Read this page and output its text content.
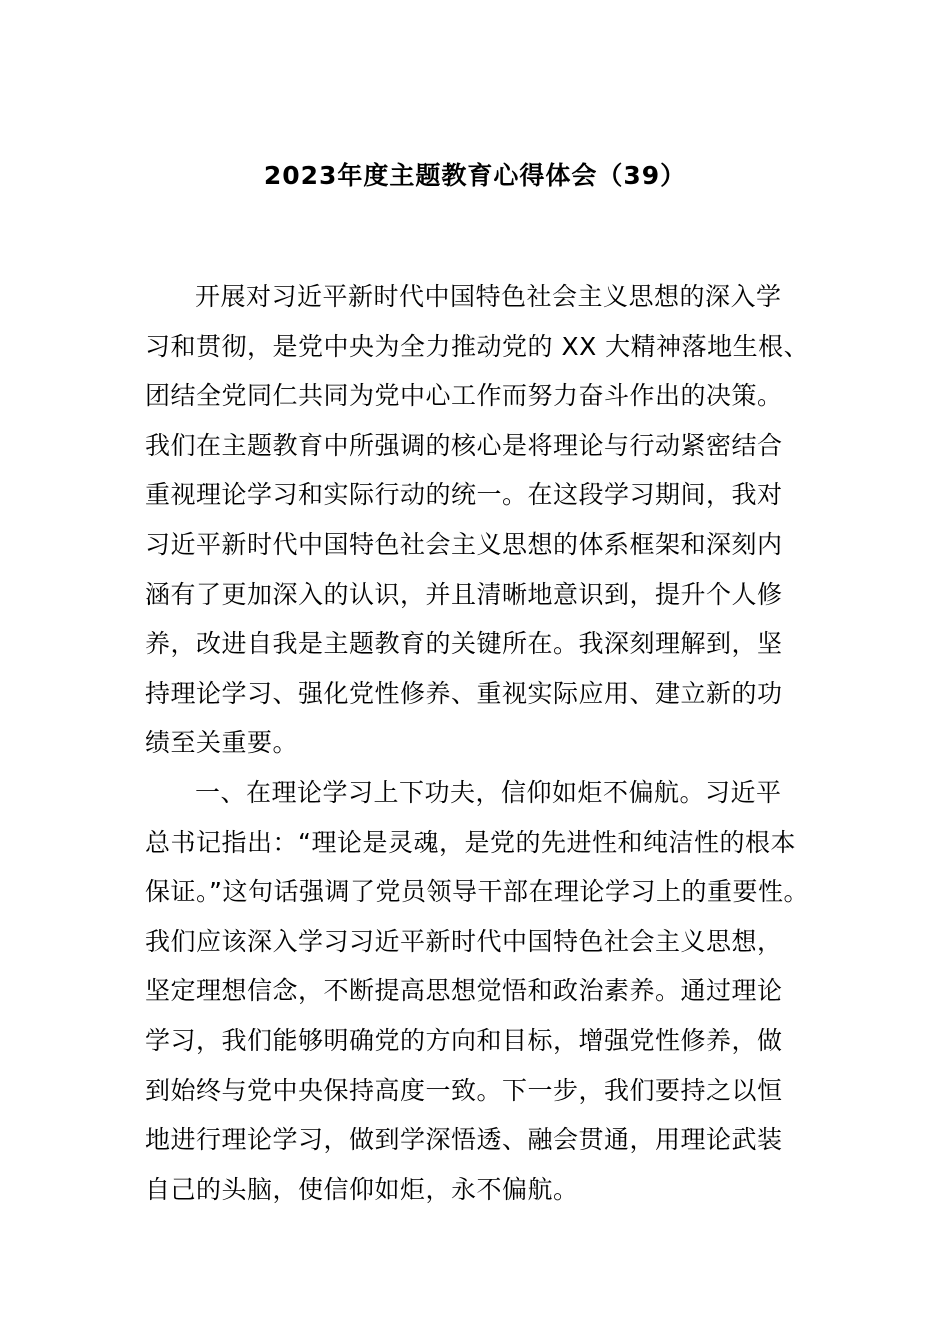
2023年度主题教育心得体会（39）
开展对习近平新时代中国特色社会主义思想的深入学
习和贯彻，是党中央为全力推动党的 XX 大精神落地生根、
团结全党同仁共同为党中心工作而努力奋斗作出的决策。
我们在主题教育中所强调的核心是将理论与行动紧密结合
重视理论学习和实际行动的统一。在这段学习期间，我对
习近平新时代中国特色社会主义思想的体系框架和深刻内
涵有了更加深入的认识，并且清晰地意识到，提升个人修
养，改进自我是主题教育的关键所在。我深刻理解到，坚
持理论学习、强化党性修养、重视实际应用、建立新的功
绩至关重要。
一、在理论学习上下功夫，信仰如炬不偏航。习近平
总书记指出：“理论是灵魂，是党的先进性和纯洁性的根本
保证。”这句话强调了党员领导干部在理论学习上的重要性。
我们应该深入学习习近平新时代中国特色社会主义思想，
坚定理想信念，不断提高思想觉悟和政治素养。通过理论
学习，我们能够明确党的方向和目标，增强党性修养，做
到始终与党中央保持高度一致。下一步，我们要持之以恒
地进行理论学习，做到学深悟透、融会贯通，用理论武装
自己的头脑，使信仰如炬，永不偏航。
